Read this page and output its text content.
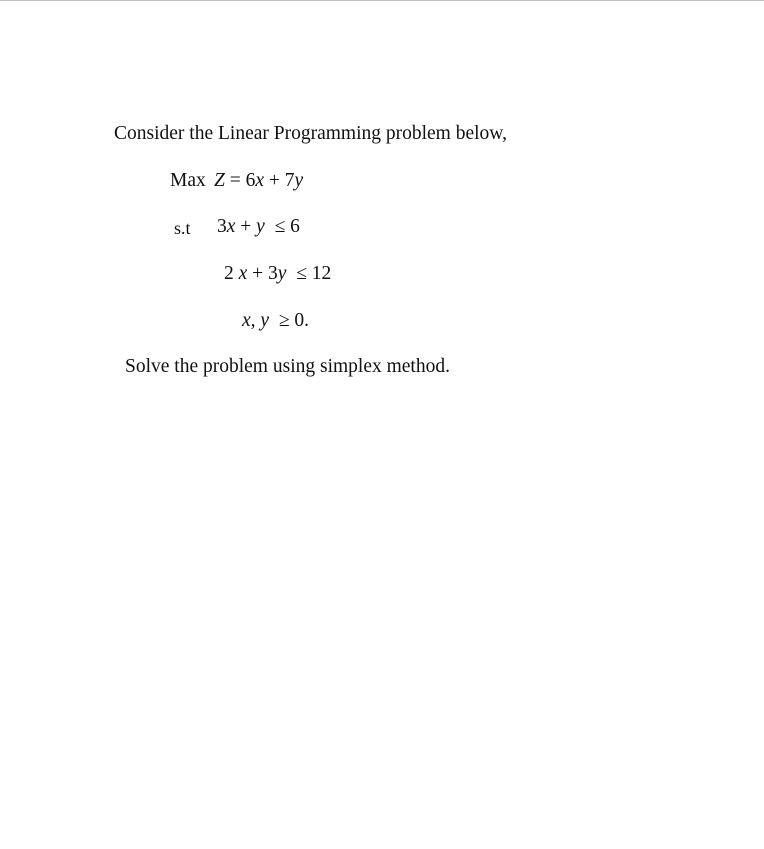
Consider the Linear Programming problem below,
Max Z = 6x + 7y
s.t 3x + y ≤ 6
2 x + 3y ≤ 12
x, y ≥ 0.
Solve the problem using simplex method.
